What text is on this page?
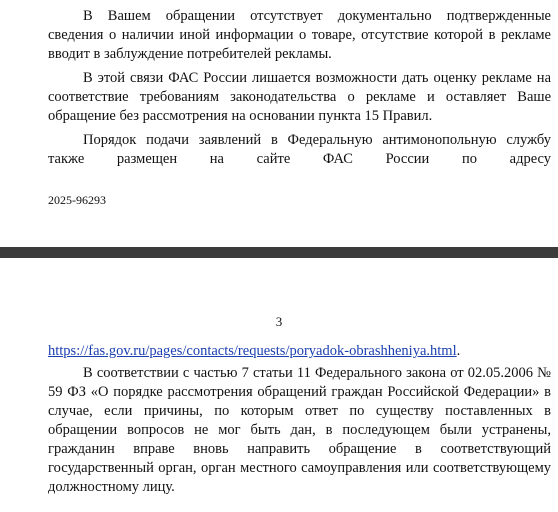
В Вашем обращении отсутствует документально подтвержденные сведения о наличии иной информации о товаре, отсутствие которой в рекламе вводит в заблуждение потребителей рекламы.

В этой связи ФАС России лишается возможности дать оценку рекламе на соответствие требованиям законодательства о рекламе и оставляет Ваше обращение без рассмотрения на основании пункта 15 Правил.

Порядок подачи заявлений в Федеральную антимонопольную службу также размещен на сайте ФАС России по адресу

2025-96293
3

https://fas.gov.ru/pages/contacts/requests/poryadok-obrashheniya.html.

В соответствии с частью 7 статьи 11 Федерального закона от 02.05.2006 № 59 ФЗ «О порядке рассмотрения обращений граждан Российской Федерации» в случае, если причины, по которым ответ по существу поставленных в обращении вопросов не мог быть дан, в последующем были устранены, гражданин вправе вновь направить обращение в соответствующий государственный орган, орган местного самоуправления или соответствующему должностному лицу.
